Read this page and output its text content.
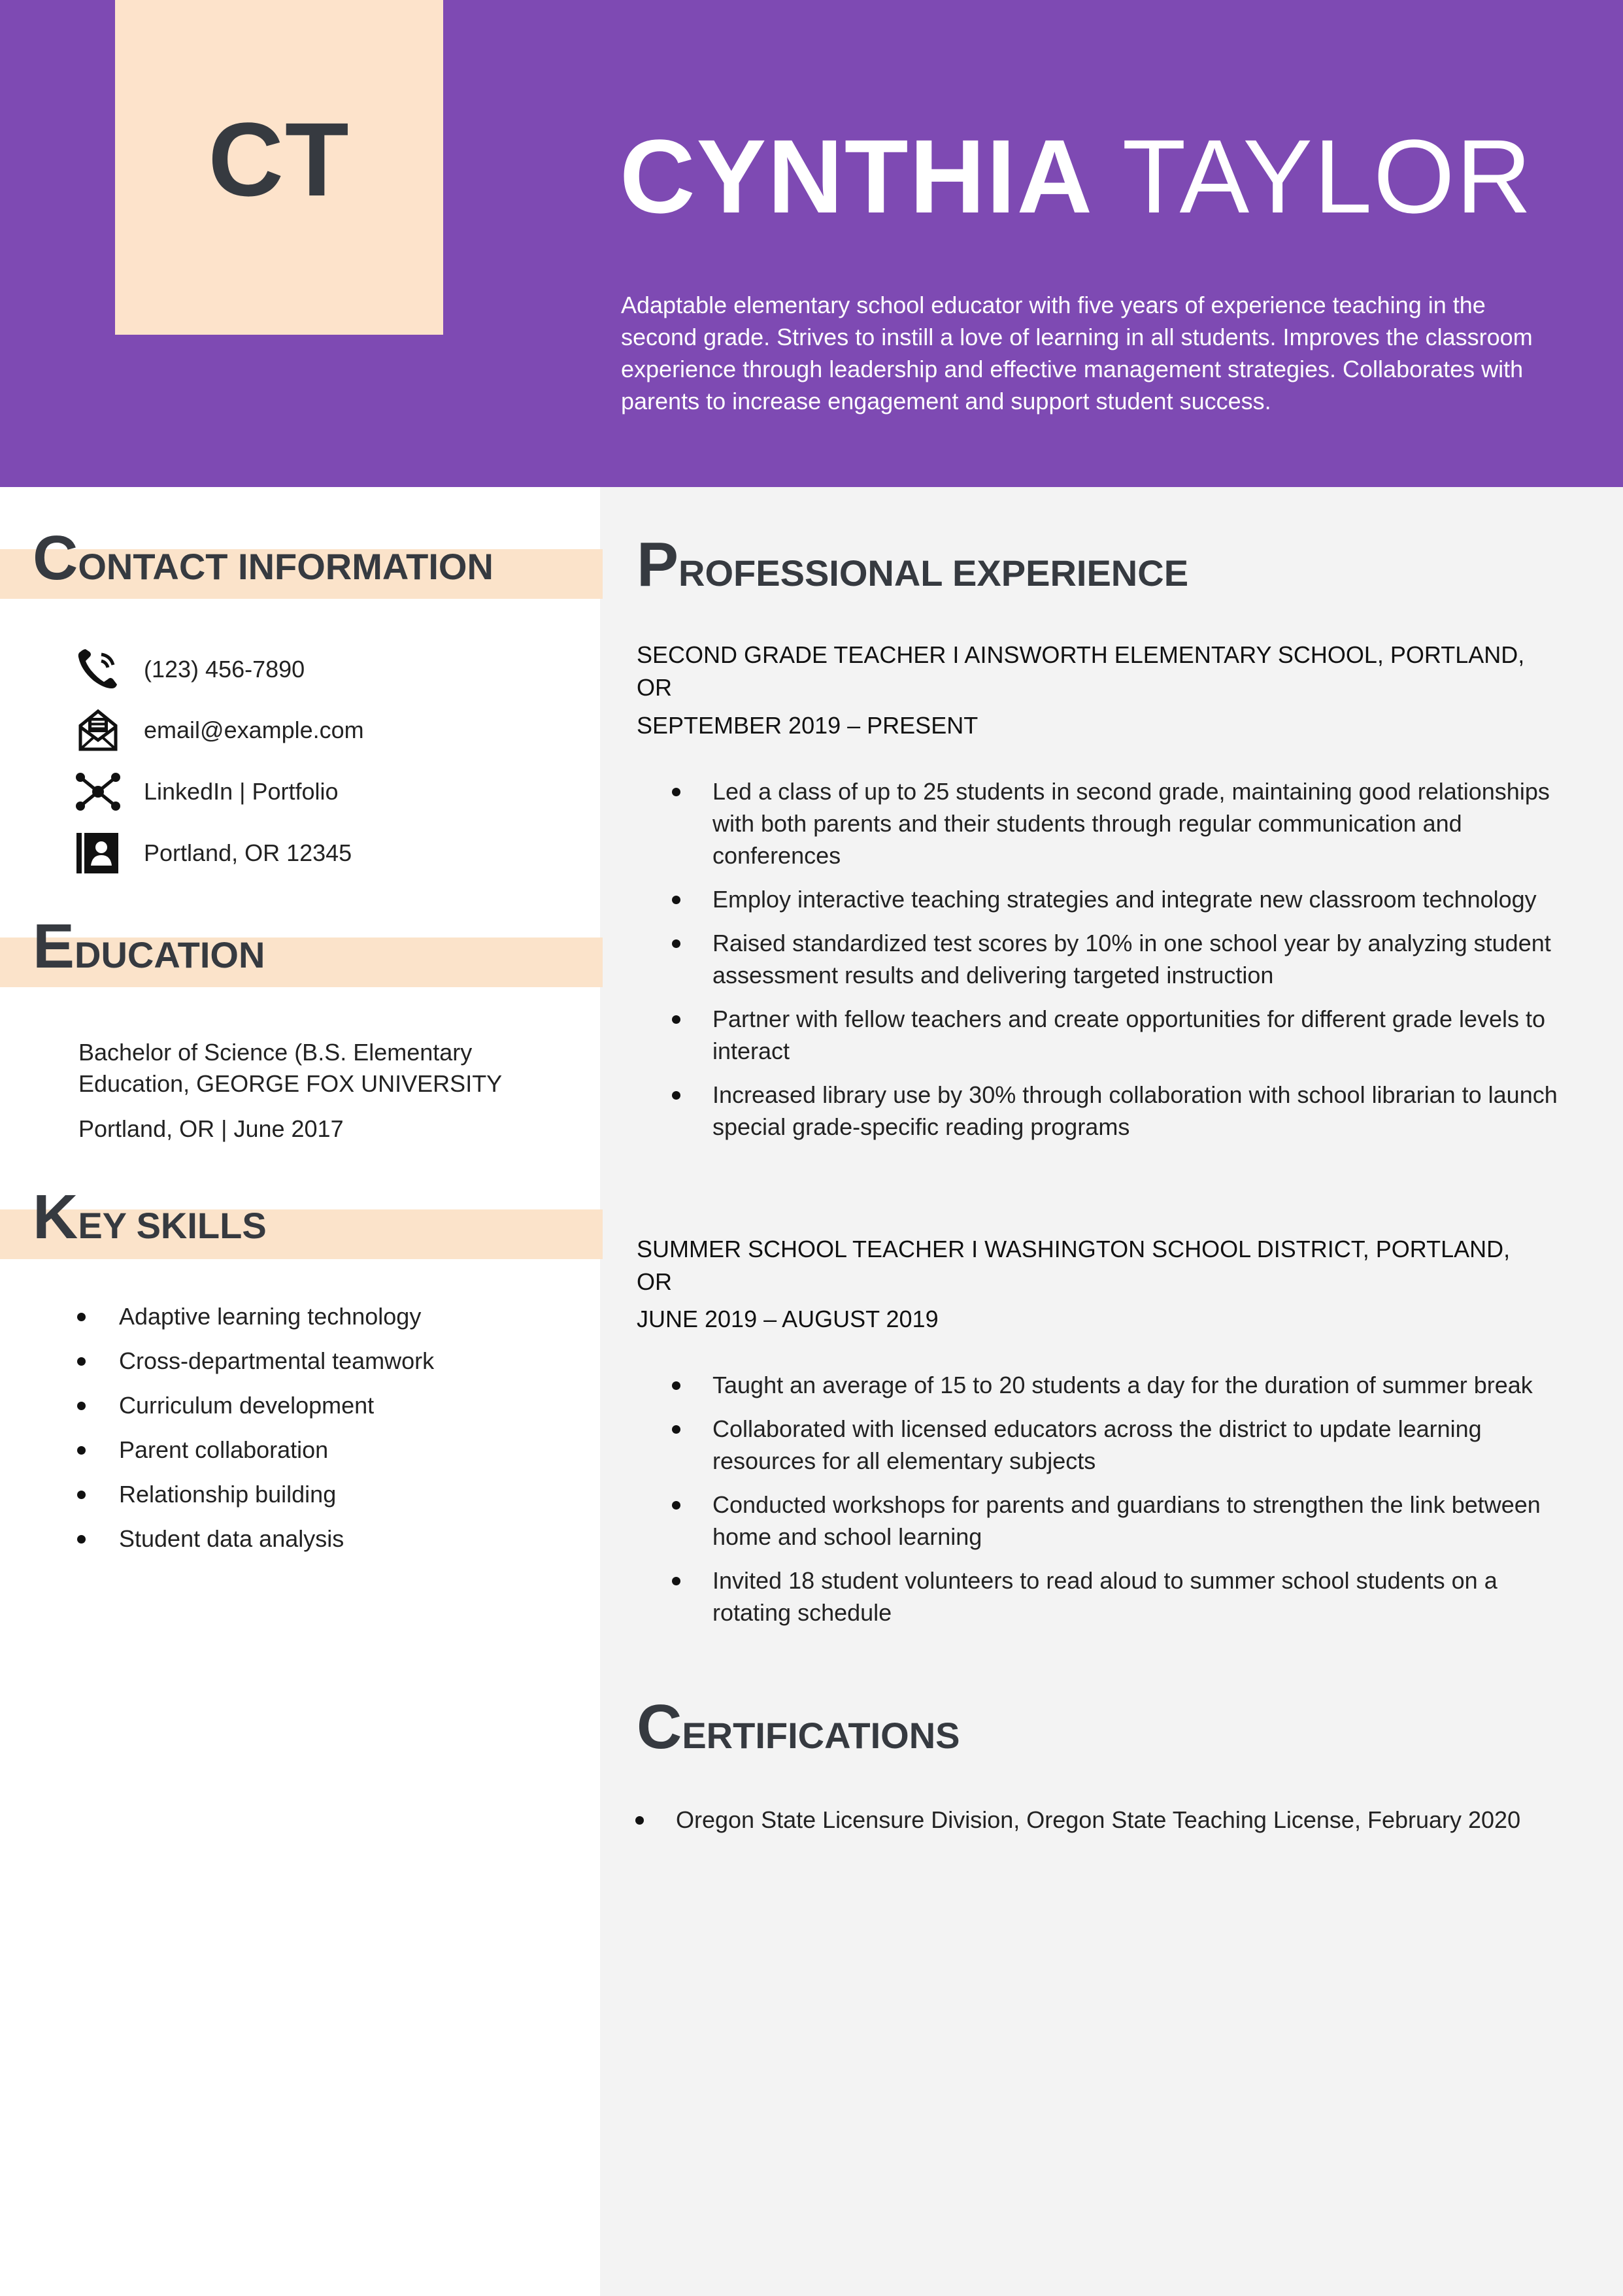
CT	CYNTHIA TAYLOR

Adaptable elementary school educator with five years of experience teaching in the second grade. Strives to instill a love of learning in all students. Improves the classroom experience through leadership and effective management strategies. Collaborates with parents to increase engagement and support student success.

CONTACT INFORMATION
(123) 456-7890
email@example.com
LinkedIn | Portfolio
Portland, OR 12345
EDUCATION
Bachelor of Science (B.S. Elementary
Education, GEORGE FOX UNIVERSITY
Portland, OR | June 2017
KEY SKILLS
Adaptive learning technology
Cross-departmental teamwork
Curriculum development
Parent collaboration
Relationship building
Student data analysis
PROFESSIONAL EXPERIENCE
SECOND GRADE TEACHER I AINSWORTH ELEMENTARY SCHOOL, PORTLAND, OR
SEPTEMBER 2019 – PRESENT
Led a class of up to 25 students in second grade, maintaining good relationships with both parents and their students through regular communication and conferences
Employ interactive teaching strategies and integrate new classroom technology
Raised standardized test scores by 10% in one school year by analyzing student assessment results and delivering targeted instruction
Partner with fellow teachers and create opportunities for different grade levels to interact
Increased library use by 30% through collaboration with school librarian to launch special grade-specific reading programs
SUMMER SCHOOL TEACHER I WASHINGTON SCHOOL DISTRICT, PORTLAND, OR
JUNE 2019 – AUGUST 2019
Taught an average of 15 to 20 students a day for the duration of summer break
Collaborated with licensed educators across the district to update learning resources for all elementary subjects
Conducted workshops for parents and guardians to strengthen the link between home and school learning
Invited 18 student volunteers to read aloud to summer school students on a rotating schedule
CERTIFICATIONS
Oregon State Licensure Division, Oregon State Teaching License, February 2020
